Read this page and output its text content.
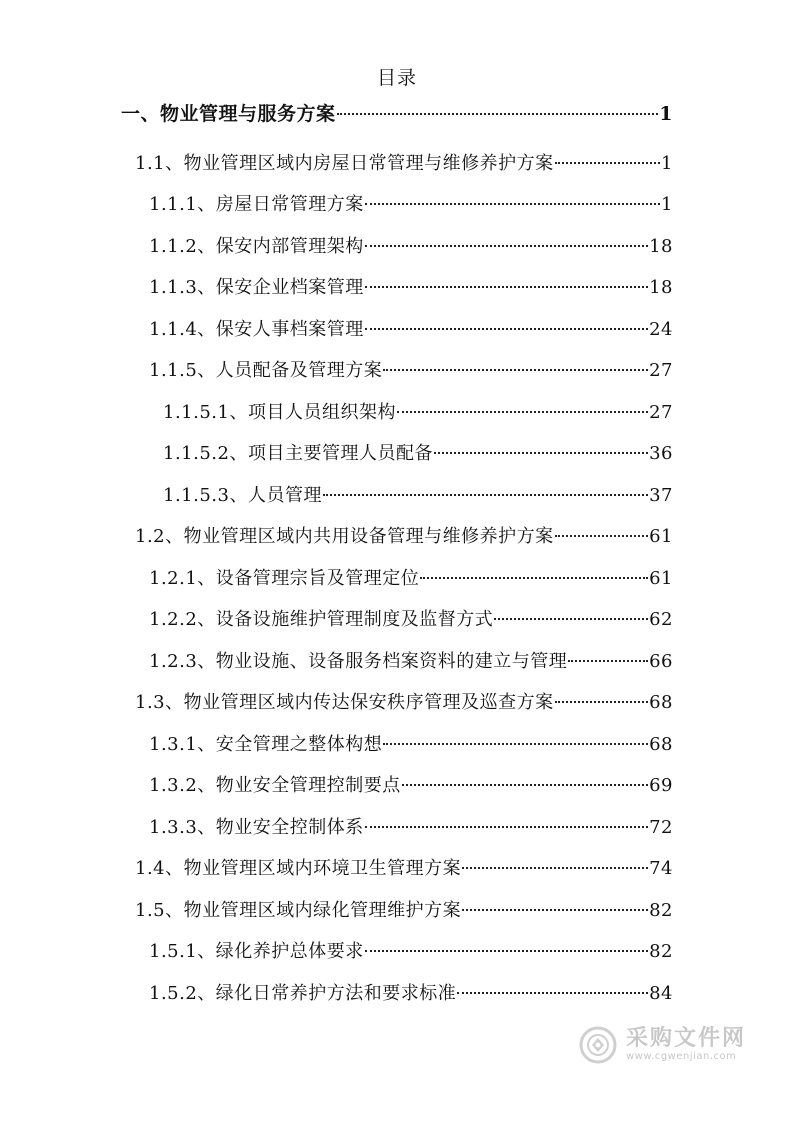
目录
一、物业管理与服务方案	1
1.1、物业管理区域内房屋日常管理与维修养护方案	1
1.1.1、房屋日常管理方案	1
1.1.2、保安内部管理架构	18
1.1.3、保安企业档案管理	18
1.1.4、保安人事档案管理	24
1.1.5、人员配备及管理方案	27
1.1.5.1、项目人员组织架构	27
1.1.5.2、项目主要管理人员配备	36
1.1.5.3、人员管理	37
1.2、物业管理区域内共用设备管理与维修养护方案	61
1.2.1、设备管理宗旨及管理定位	61
1.2.2、设备设施维护管理制度及监督方式	62
1.2.3、物业设施、设备服务档案资料的建立与管理	66
1.3、物业管理区域内传达保安秩序管理及巡查方案	68
1.3.1、安全管理之整体构想	68
1.3.2、物业安全管理控制要点	69
1.3.3、物业安全控制体系	72
1.4、物业管理区域内环境卫生管理方案	74
1.5、物业管理区域内绿化管理维护方案	82
1.5.1、绿化养护总体要求	82
1.5.2、绿化日常养护方法和要求标准	84
采购文件网
www.cgwenjian.com
